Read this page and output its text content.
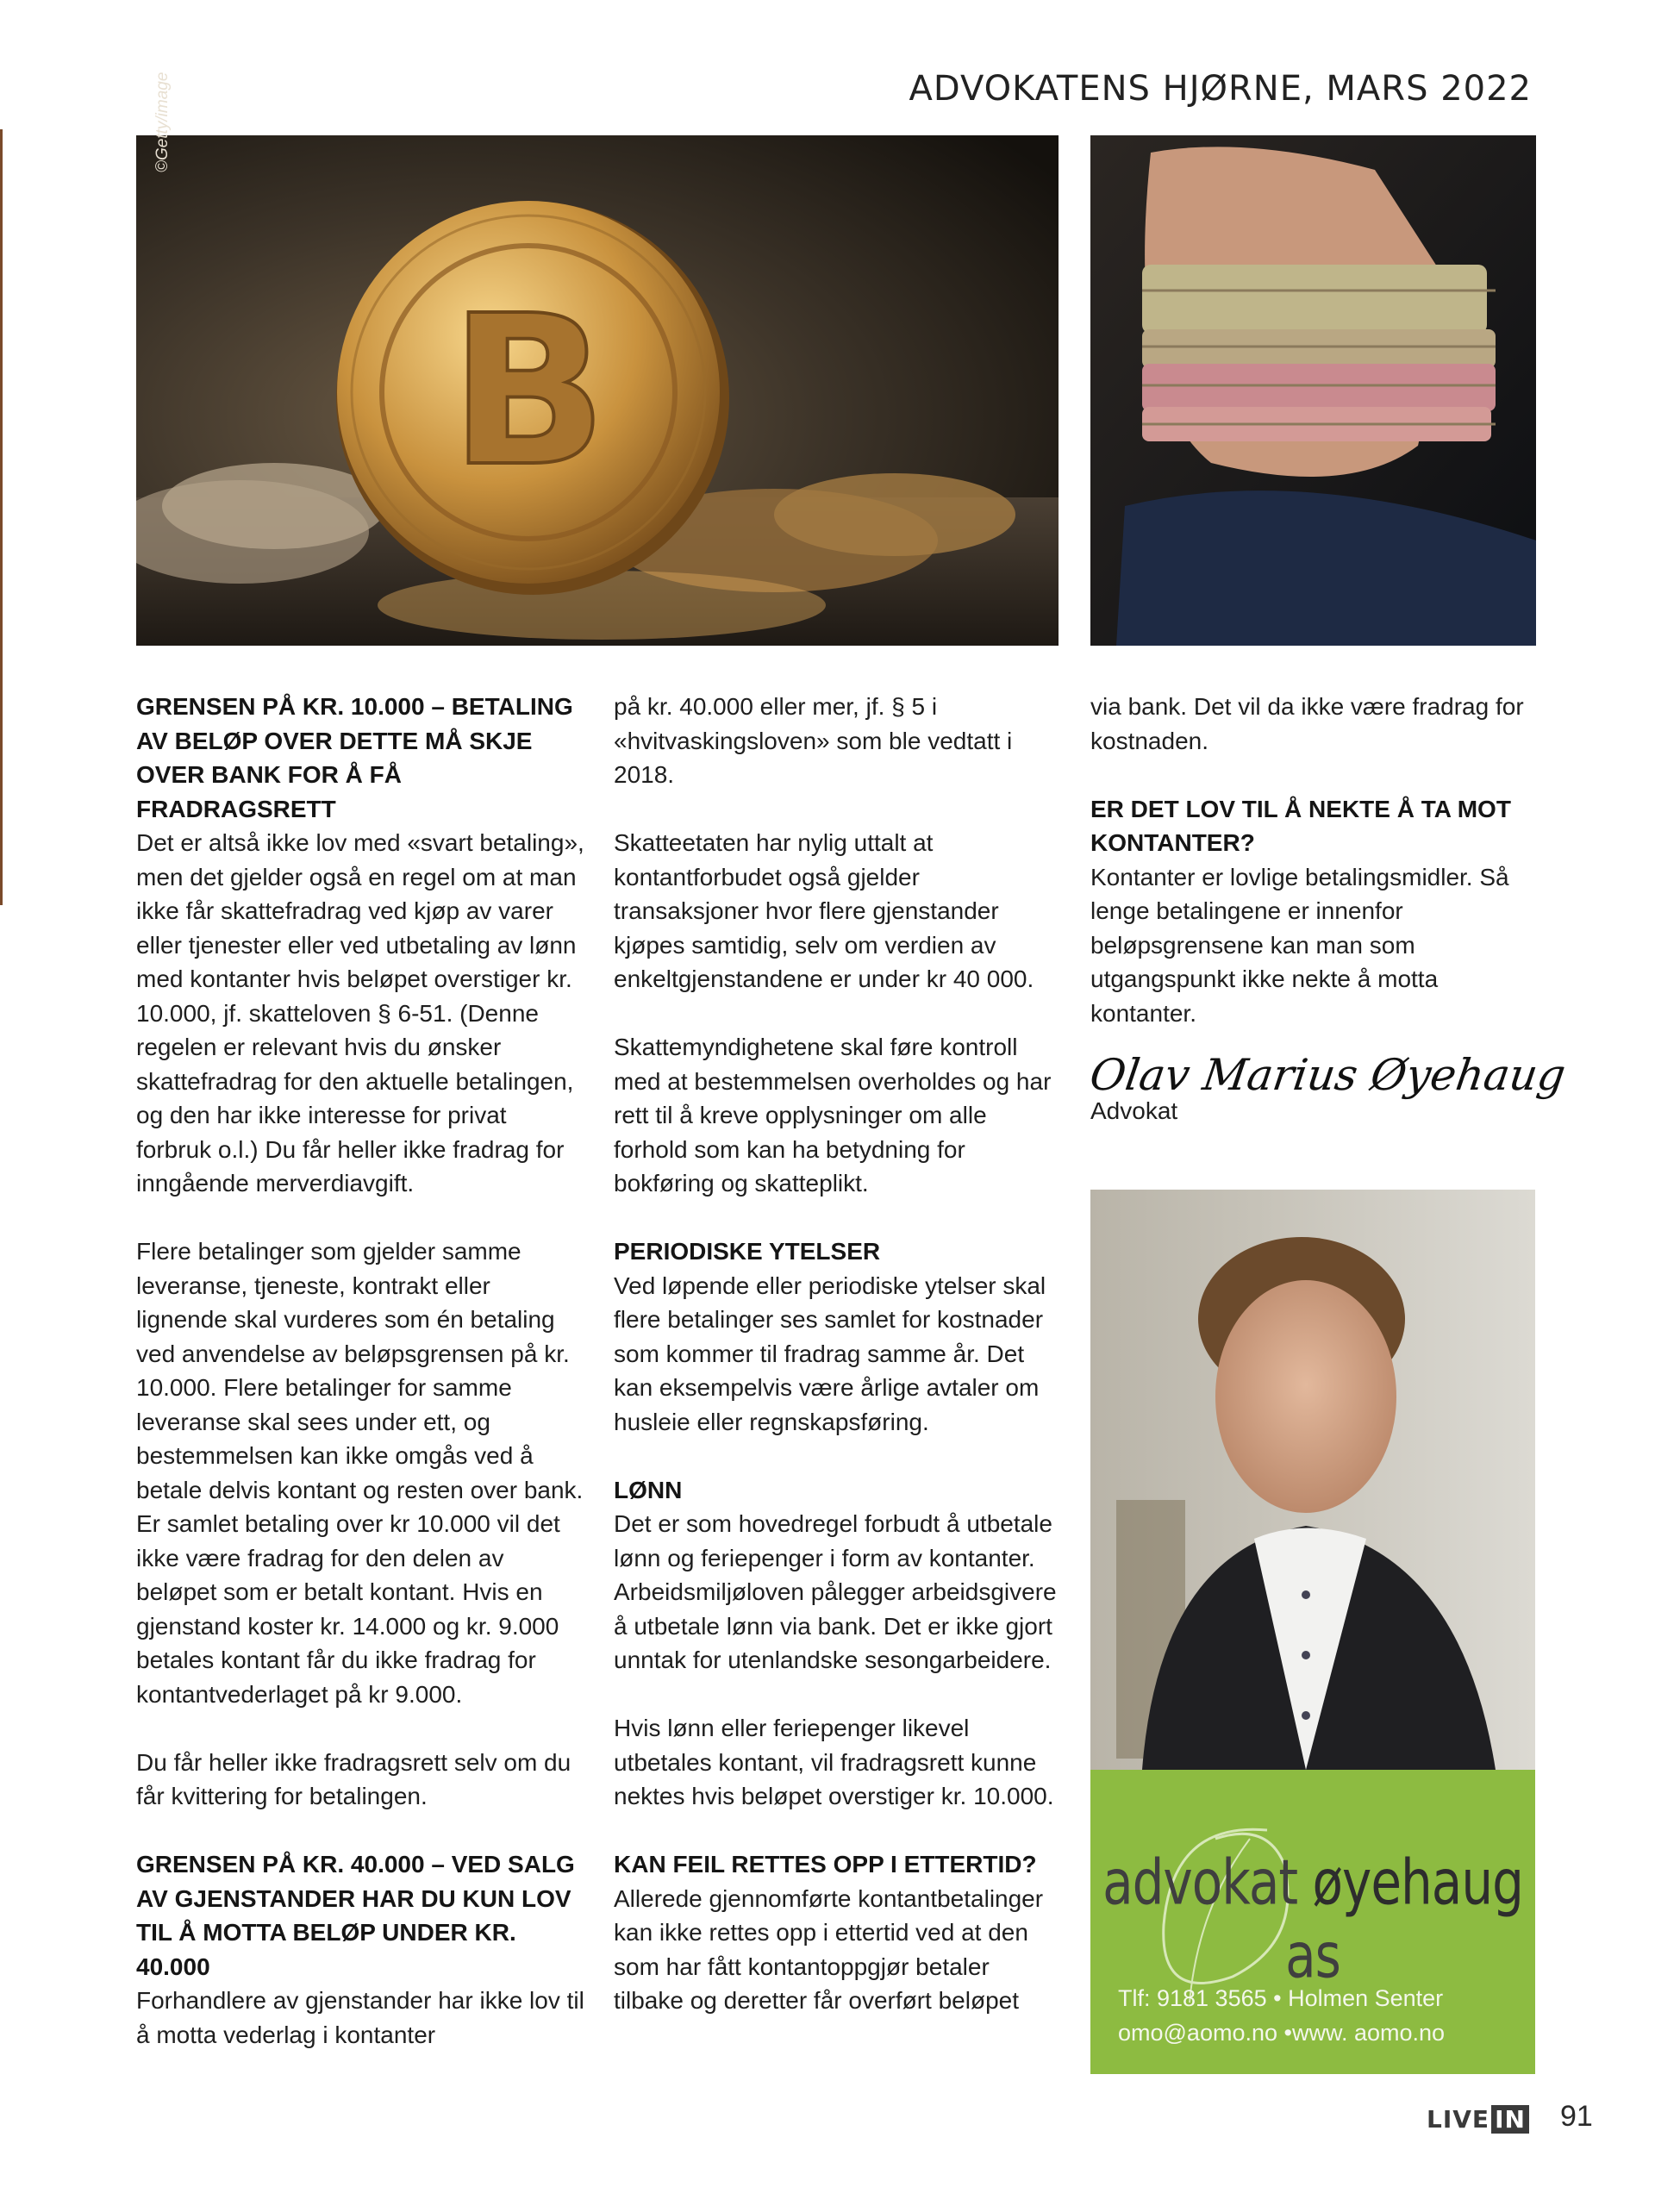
ADVOKATENS HJØRNE, MARS 2022
B
©Getty/image
GRENSEN PÅ KR. 10.000 – BETALING AV BELØP OVER DETTE MÅ SKJE OVER BANK FOR Å FÅ FRADRAGSRETT

Det er altså ikke lov med «svart betaling», men det gjelder også en regel om at man ikke får skattefradrag ved kjøp av varer eller tjenester eller ved utbetaling av lønn med kontanter hvis beløpet overstiger kr. 10.000, jf. skatteloven § 6-51. (Denne regelen er relevant hvis du ønsker skattefradrag for den aktuelle betalingen, og den har ikke interesse for privat forbruk o.l.) Du får heller ikke fradrag for inngående merverdiavgift.

Flere betalinger som gjelder samme leveranse, tjeneste, kontrakt eller lignende skal vurderes som én betaling ved anvendelse av beløpsgrensen på kr. 10.000. Flere betalinger for samme leveranse skal sees under ett, og bestemmelsen kan ikke omgås ved å betale delvis kontant og resten over bank. Er samlet betaling over kr 10.000 vil det ikke være fradrag for den delen av beløpet som er betalt kontant. Hvis en gjenstand koster kr. 14.000 og kr. 9.000 betales kontant får du ikke fradrag for kontantvederlaget på kr 9.000.

Du får heller ikke fradragsrett selv om du får kvittering for betalingen.

GRENSEN PÅ KR. 40.000 – VED SALG AV GJENSTANDER HAR DU KUN LOV TIL Å MOTTA BELØP UNDER KR. 40.000

Forhandlere av gjenstander har ikke lov til å motta vederlag i kontanter

på kr. 40.000 eller mer, jf. § 5 i «hvitvaskingsloven» som ble vedtatt i 2018.

Skatteetaten har nylig uttalt at kontantforbudet også gjelder transaksjoner hvor flere gjenstander kjøpes samtidig, selv om verdien av enkeltgjenstandene er under kr 40 000.

Skattemyndighetene skal føre kontroll med at bestemmelsen overholdes og har rett til å kreve opplysninger om alle forhold som kan ha betydning for bokføring og skatteplikt.

PERIODISKE YTELSER

Ved løpende eller periodiske ytelser skal flere betalinger ses samlet for kostnader som kommer til fradrag samme år. Det kan eksempelvis være årlige avtaler om husleie eller regnskapsføring.

LØNN

Det er som hovedregel forbudt å utbetale lønn og feriepenger i form av kontanter. Arbeidsmiljøloven pålegger arbeidsgivere å utbetale lønn via bank. Det er ikke gjort unntak for utenlandske sesongarbeidere.

Hvis lønn eller feriepenger likevel utbetales kontant, vil fradragsrett kunne nektes hvis beløpet overstiger kr. 10.000.

KAN FEIL RETTES OPP I ETTERTID?

Allerede gjennomførte kontantbetalinger kan ikke rettes opp i ettertid ved at den som har fått kontantoppgjør betaler tilbake og deretter får overført beløpet

via bank. Det vil da ikke være fradrag for kostnaden.

ER DET LOV TIL Å NEKTE Å TA MOT KONTANTER?

Kontanter er lovlige betalingsmidler. Så lenge betalingene er innenfor beløpsgrensene kan man som utgangspunkt ikke nekte å motta kontanter.

Olav Marius Øyehaug
Advokat
advokat øyehaug as
Tlf: 9181 3565 • Holmen Senter
omo@aomo.no •www. aomo.no
LIVE IN 91
